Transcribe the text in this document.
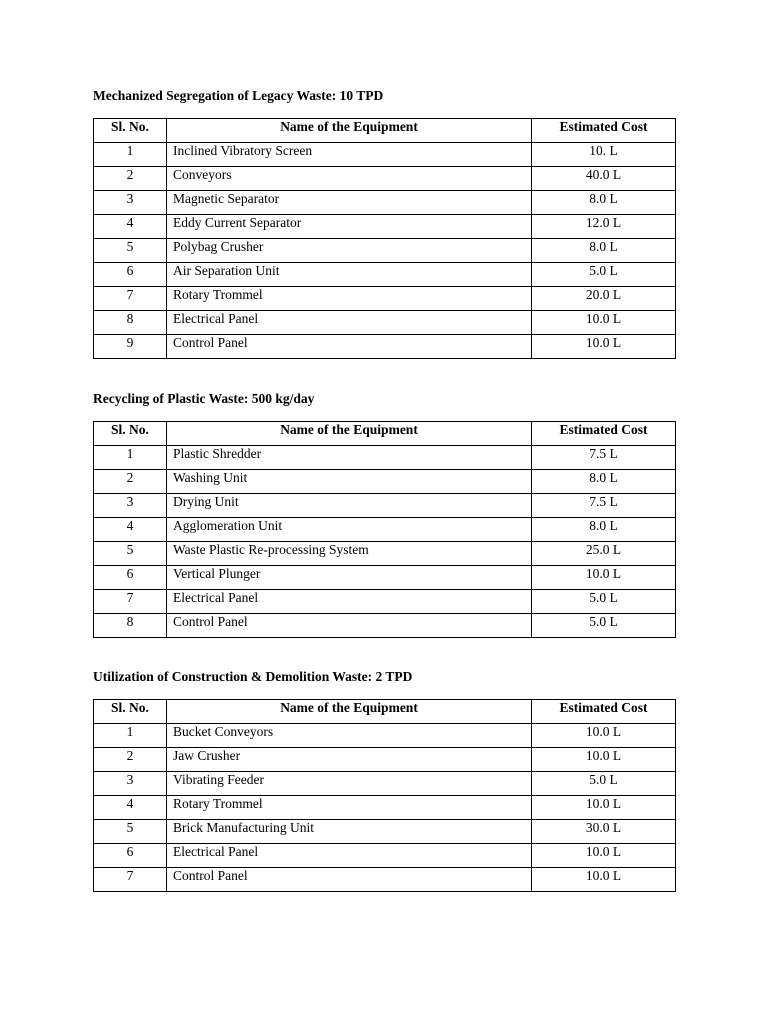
Mechanized Segregation of Legacy Waste: 10 TPD
Sl. No.	Name of the Equipment	Estimated Cost
1	Inclined Vibratory Screen	10. L
2	Conveyors	40.0 L
3	Magnetic Separator	8.0 L
4	Eddy Current Separator	12.0 L
5	Polybag Crusher	8.0 L
6	Air Separation Unit	5.0 L
7	Rotary Trommel	20.0 L
8	Electrical Panel	10.0 L
9	Control Panel	10.0 L
Recycling of Plastic Waste: 500 kg/day
Sl. No.	Name of the Equipment	Estimated Cost
1	Plastic Shredder	7.5 L
2	Washing Unit	8.0 L
3	Drying Unit	7.5 L
4	Agglomeration Unit	8.0 L
5	Waste Plastic Re-processing System	25.0 L
6	Vertical Plunger	10.0 L
7	Electrical Panel	5.0 L
8	Control Panel	5.0 L
Utilization of Construction & Demolition Waste: 2 TPD
Sl. No.	Name of the Equipment	Estimated Cost
1	Bucket Conveyors	10.0 L
2	Jaw Crusher	10.0 L
3	Vibrating Feeder	5.0 L
4	Rotary Trommel	10.0 L
5	Brick Manufacturing Unit	30.0 L
6	Electrical Panel	10.0 L
7	Control Panel	10.0 L
